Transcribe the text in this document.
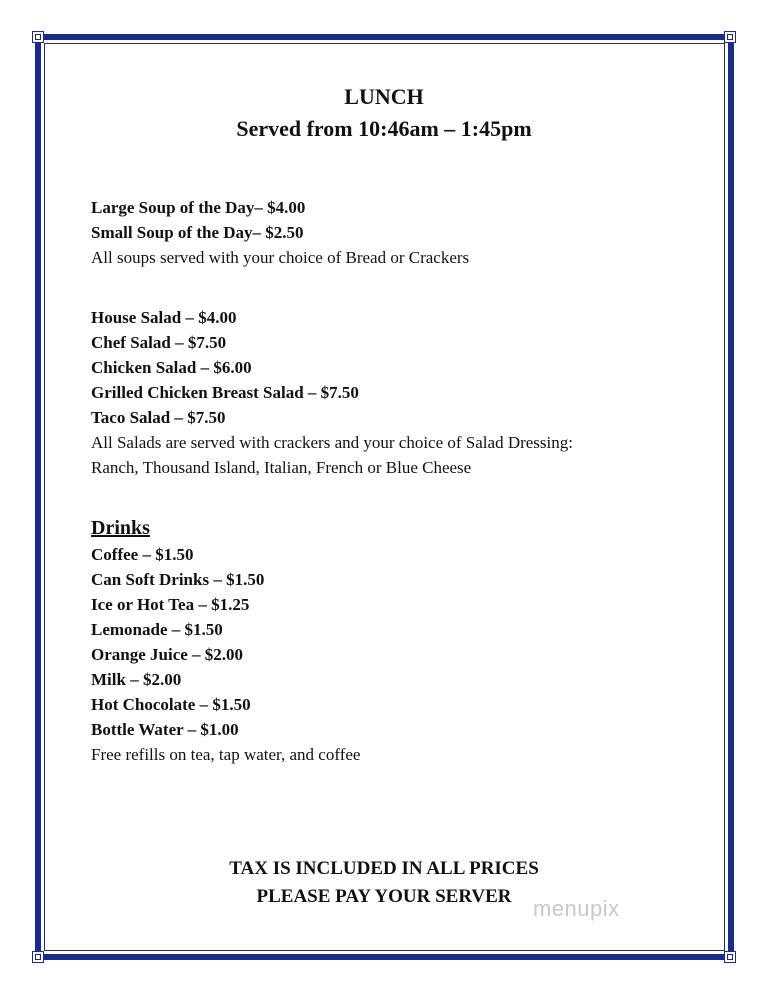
LUNCH
Served from 10:46am – 1:45pm
Large Soup of the Day– $4.00
Small Soup of the Day– $2.50
All soups served with your choice of Bread or Crackers
House Salad – $4.00
Chef Salad – $7.50
Chicken Salad – $6.00
Grilled Chicken Breast Salad – $7.50
Taco Salad – $7.50
All Salads are served with crackers and your choice of Salad Dressing:
Ranch, Thousand Island, Italian, French or Blue Cheese
Drinks
Coffee – $1.50
Can Soft Drinks – $1.50
Ice or Hot Tea – $1.25
Lemonade – $1.50
Orange Juice – $2.00
Milk – $2.00
Hot Chocolate – $1.50
Bottle Water – $1.00
Free refills on tea, tap water, and coffee
TAX IS INCLUDED IN ALL PRICES
PLEASE PAY YOUR SERVER menupix
